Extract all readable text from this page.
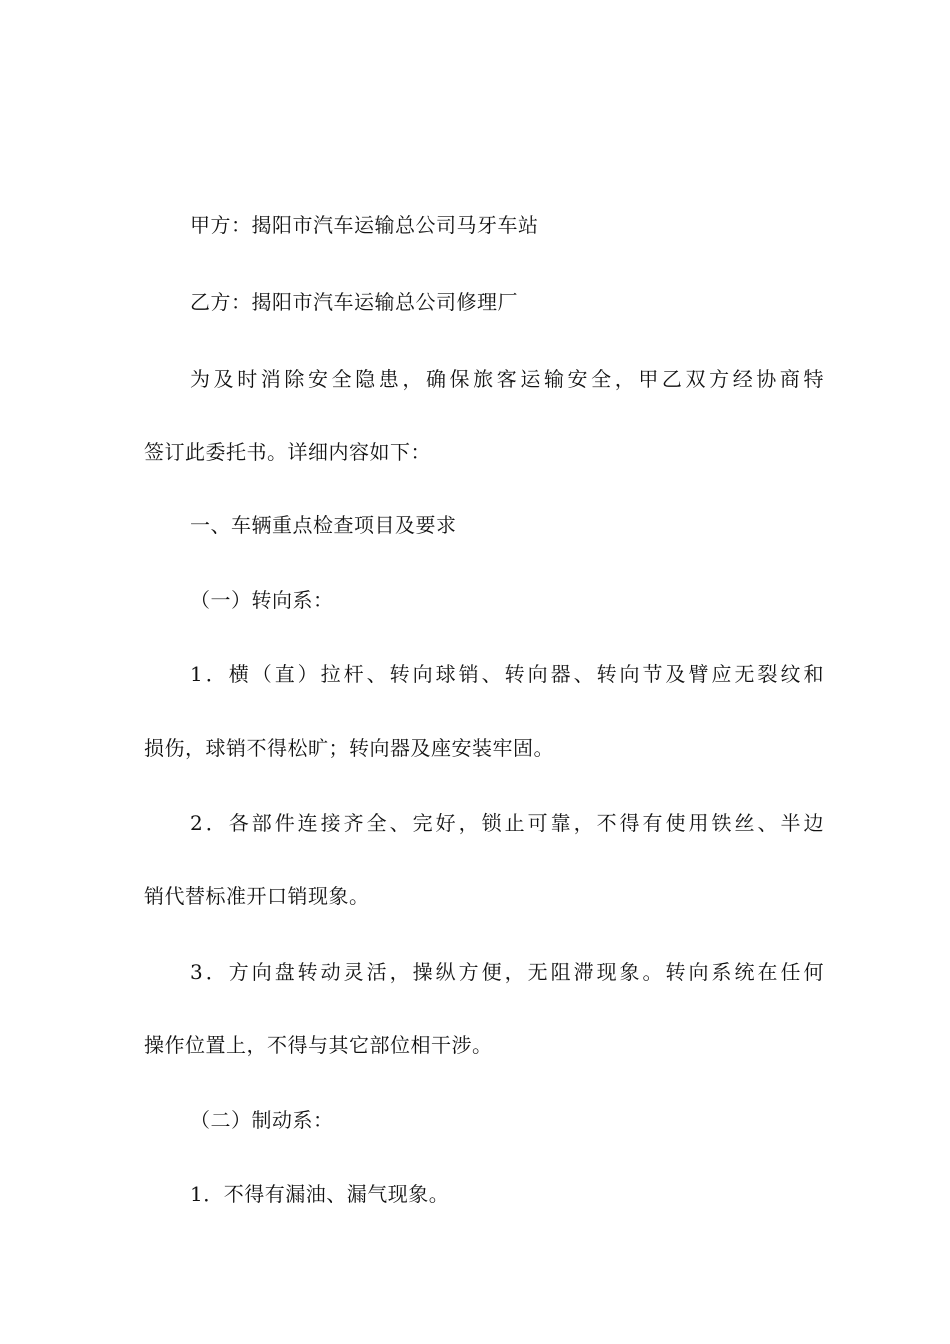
甲方：揭阳市汽车运输总公司马牙车站

乙方：揭阳市汽车运输总公司修理厂

为及时消除安全隐患，确保旅客运输安全，甲乙双方经协商特

签订此委托书。详细内容如下：

一、车辆重点检查项目及要求

（一）转向系：

1．横（直）拉杆、转向球销、转向器、转向节及臂应无裂纹和

损伤，球销不得松旷；转向器及座安装牢固。

2．各部件连接齐全、完好，锁止可靠，不得有使用铁丝、半边

销代替标准开口销现象。

3．方向盘转动灵活，操纵方便，无阻滞现象。转向系统在任何

操作位置上，不得与其它部位相干涉。

（二）制动系：

1．不得有漏油、漏气现象。
